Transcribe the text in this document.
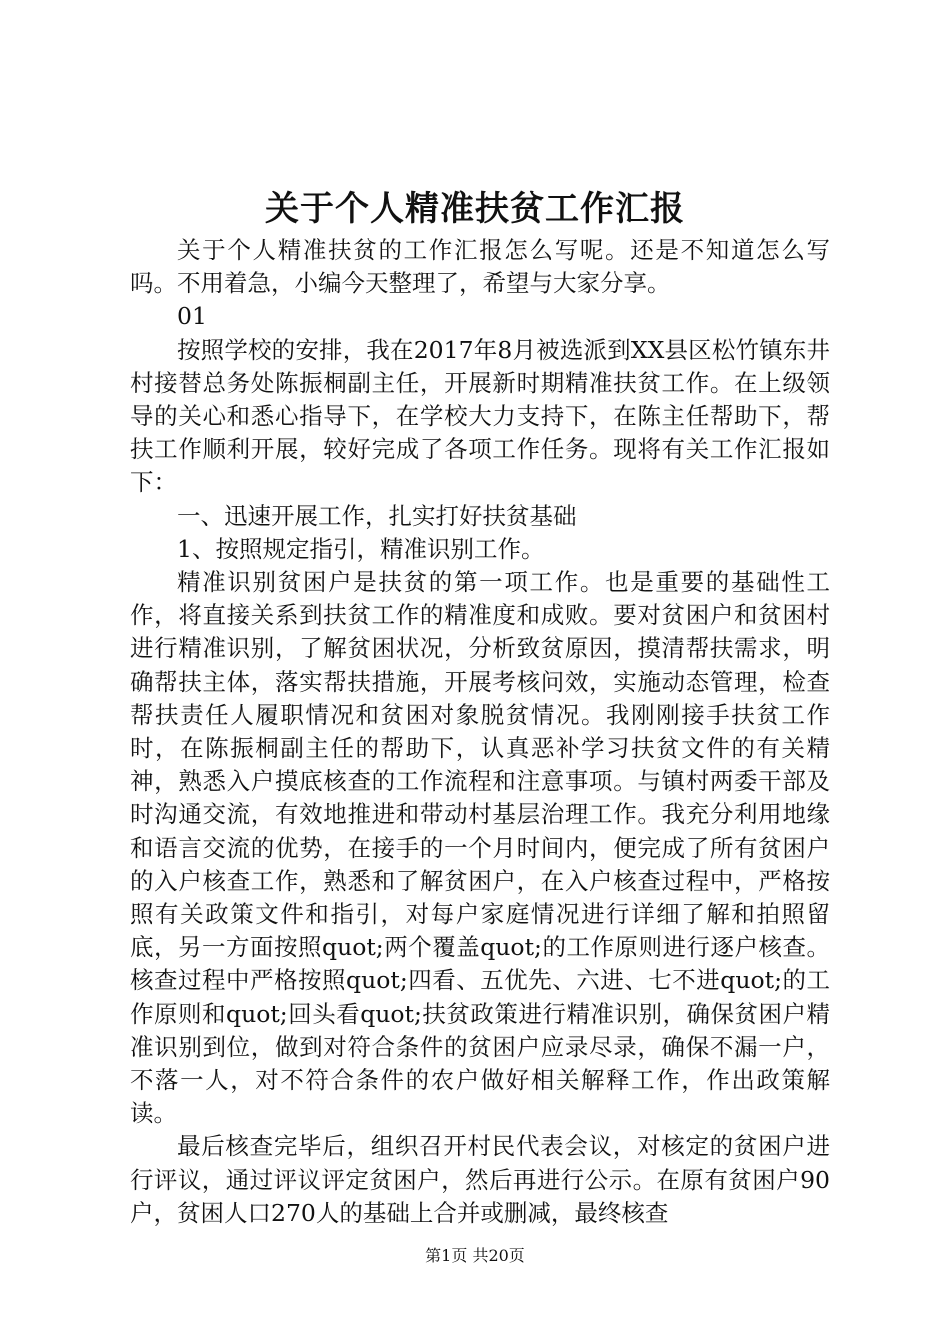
关于个人精准扶贫工作汇报

关于个人精准扶贫的工作汇报怎么写呢。还是不知道怎么写吗。不用着急，小编今天整理了，希望与大家分享。

01

按照学校的安排，我在2017年8月被选派到XX县区松竹镇东井村接替总务处陈振桐副主任，开展新时期精准扶贫工作。在上级领导的关心和悉心指导下，在学校大力支持下，在陈主任帮助下，帮扶工作顺利开展，较好完成了各项工作任务。现将有关工作汇报如下：

一、迅速开展工作，扎实打好扶贫基础

1、按照规定指引，精准识别工作。

精准识别贫困户是扶贫的第一项工作。也是重要的基础性工作，将直接关系到扶贫工作的精准度和成败。要对贫困户和贫困村进行精准识别，了解贫困状况，分析致贫原因，摸清帮扶需求，明确帮扶主体，落实帮扶措施，开展考核问效，实施动态管理，检查帮扶责任人履职情况和贫困对象脱贫情况。我刚刚接手扶贫工作时，在陈振桐副主任的帮助下，认真恶补学习扶贫文件的有关精神，熟悉入户摸底核查的工作流程和注意事项。与镇村两委干部及时沟通交流，有效地推进和带动村基层治理工作。我充分利用地缘和语言交流的优势，在接手的一个月时间内，便完成了所有贫困户的入户核查工作，熟悉和了解贫困户，在入户核查过程中，严格按照有关政策文件和指引，对每户家庭情况进行详细了解和拍照留底，另一方面按照quot;两个覆盖quot;的工作原则进行逐户核查。核查过程中严格按照quot;四看、五优先、六进、七不进quot;的工作原则和quot;回头看quot;扶贫政策进行精准识别，确保贫困户精准识别到位，做到对符合条件的贫困户应录尽录，确保不漏一户，不落一人，对不符合条件的农户做好相关解释工作，作出政策解读。

最后核查完毕后，组织召开村民代表会议，对核定的贫困户进行评议，通过评议评定贫困户，然后再进行公示。在原有贫困户90户，贫困人口270人的基础上合并或删减，最终核查

第1页 共20页
